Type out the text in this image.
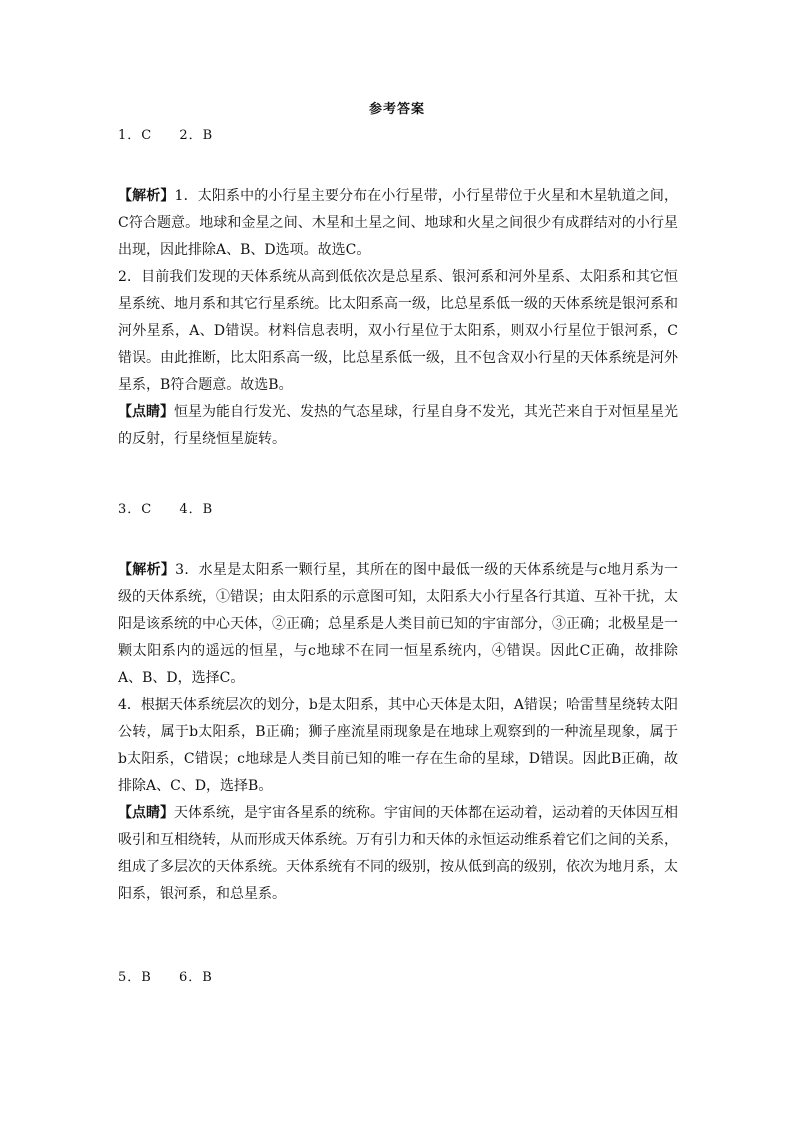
参考答案
1．C 2．B

【解析】1．太阳系中的小行星主要分布在小行星带，小行星带位于火星和木星轨道之间，C符合题意。地球和金星之间、木星和土星之间、地球和火星之间很少有成群结对的小行星出现，因此排除A、B、D选项。故选C。

2．目前我们发现的天体系统从高到低依次是总星系、银河系和河外星系、太阳系和其它恒星系统、地月系和其它行星系统。比太阳系高一级，比总星系低一级的天体系统是银河系和河外星系，A、D错误。材料信息表明，双小行星位于太阳系，则双小行星位于银河系，C错误。由此推断，比太阳系高一级，比总星系低一级，且不包含双小行星的天体系统是河外星系，B符合题意。故选B。

【点睛】恒星为能自行发光、发热的气态星球，行星自身不发光，其光芒来自于对恒星星光的反射，行星绕恒星旋转。

3．C 4．B

【解析】3．水星是太阳系一颗行星，其所在的图中最低一级的天体系统是与c地月系为一级的天体系统，①错误；由太阳系的示意图可知，太阳系大小行星各行其道、互补干扰，太阳是该系统的中心天体，②正确；总星系是人类目前已知的宇宙部分，③正确；北极星是一颗太阳系内的遥远的恒星，与c地球不在同一恒星系统内，④错误。因此C正确，故排除A、B、D，选择C。

4．根据天体系统层次的划分，b是太阳系，其中心天体是太阳，A错误；哈雷彗星绕转太阳公转，属于b太阳系，B正确；狮子座流星雨现象是在地球上观察到的一种流星现象，属于b太阳系，C错误；c地球是人类目前已知的唯一存在生命的星球，D错误。因此B正确，故排除A、C、D，选择B。

【点睛】天体系统，是宇宙各星系的统称。宇宙间的天体都在运动着，运动着的天体因互相吸引和互相绕转，从而形成天体系统。万有引力和天体的永恒运动维系着它们之间的关系，组成了多层次的天体系统。天体系统有不同的级别，按从低到高的级别，依次为地月系，太阳系，银河系，和总星系。

5．B 6．B
